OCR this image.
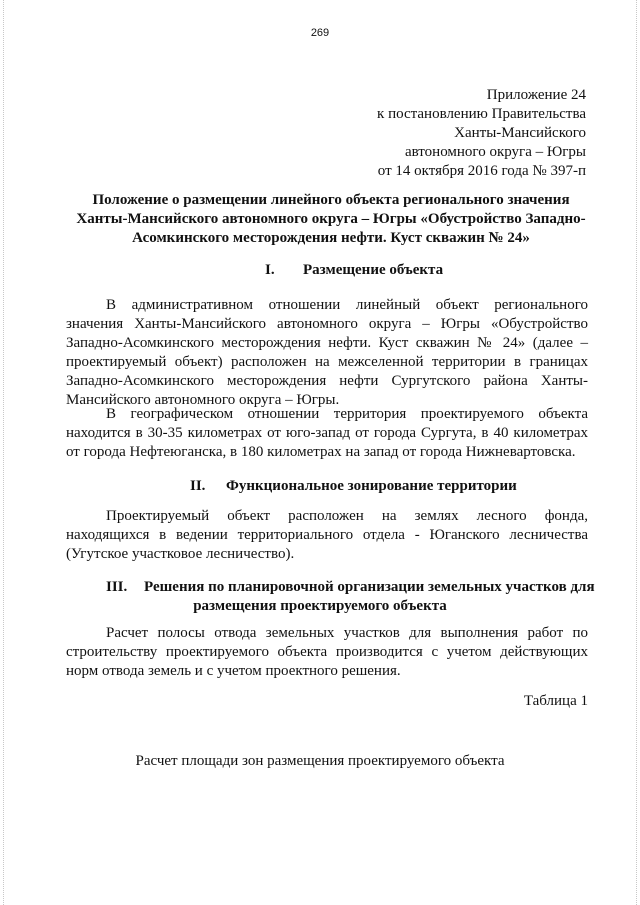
269
Приложение 24
к постановлению Правительства
Ханты-Мансийского
автономного округа – Югры
от 14 октября 2016 года № 397-п
Положение о размещении линейного объекта регионального значения Ханты-Мансийского автономного округа – Югры «Обустройство Западно-Асомкинского месторождения нефти. Куст скважин № 24»
I.	Размещение объекта
В административном отношении линейный объект регионального значения Ханты-Мансийского автономного округа – Югры «Обустройство Западно-Асомкинского месторождения нефти. Куст скважин № 24» (далее – проектируемый объект) расположен на межселенной территории в границах Западно-Асомкинского месторождения нефти Сургутского района Ханты-Мансийского автономного округа – Югры.
В географическом отношении территория проектируемого объекта находится в 30-35 километрах от юго-запад от города Сургута, в 40 километрах от города Нефтеюганска, в 180 километрах на запад от города Нижневартовска.
II.	Функциональное зонирование территории
Проектируемый объект расположен на землях лесного фонда, находящихся в ведении территориального отдела - Юганского лесничества (Угутское участковое лесничество).
III.	Решения по планировочной организации земельных участков для
размещения проектируемого объекта
Расчет полосы отвода земельных участков для выполнения работ по строительству проектируемого объекта производится с учетом действующих норм отвода земель и с учетом проектного решения.
Таблица 1
Расчет площади зон размещения проектируемого объекта
